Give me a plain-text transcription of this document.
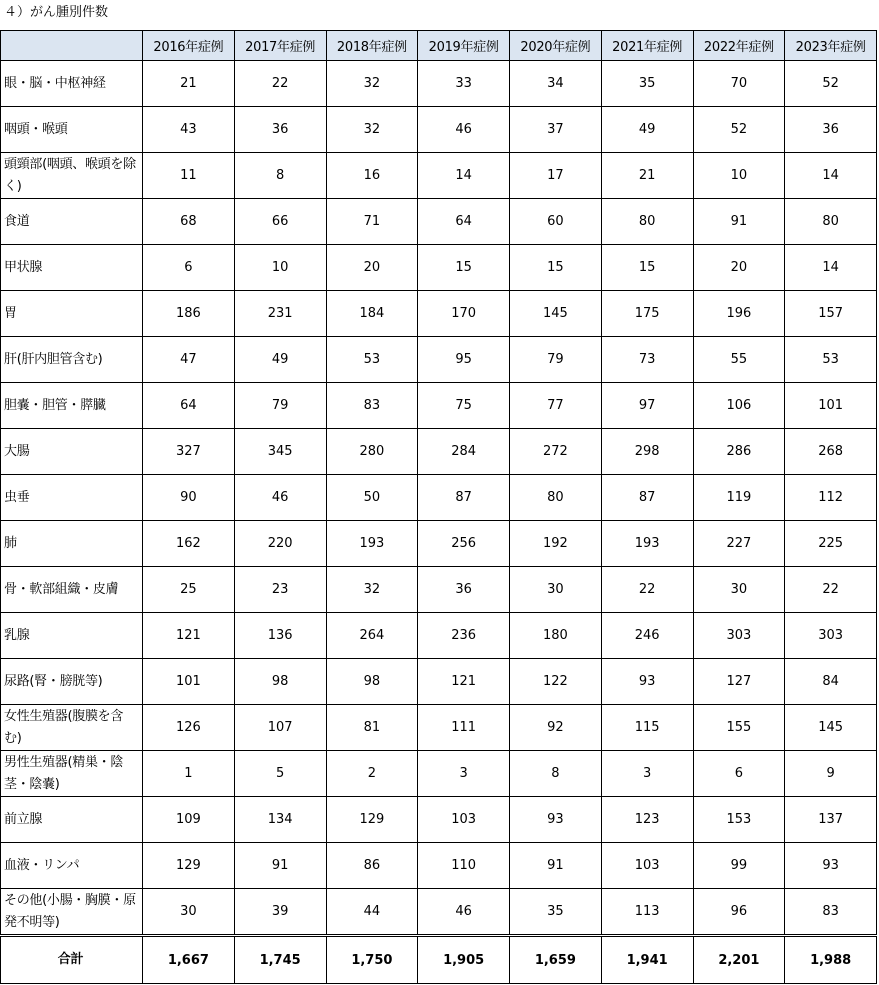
４）がん腫別件数
	2016年症例	2017年症例	2018年症例	2019年症例	2020年症例	2021年症例	2022年症例	2023年症例
眼・脳・中枢神経	21	22	32	33	34	35	70	52
咽頭・喉頭	43	36	32	46	37	49	52	36
頭頸部(咽頭、喉頭を除く)	11	8	16	14	17	21	10	14
食道	68	66	71	64	60	80	91	80
甲状腺	6	10	20	15	15	15	20	14
胃	186	231	184	170	145	175	196	157
肝(肝内胆管含む)	47	49	53	95	79	73	55	53
胆嚢・胆管・膵臓	64	79	83	75	77	97	106	101
大腸	327	345	280	284	272	298	286	268
虫垂	90	46	50	87	80	87	119	112
肺	162	220	193	256	192	193	227	225
骨・軟部組織・皮膚	25	23	32	36	30	22	30	22
乳腺	121	136	264	236	180	246	303	303
尿路(腎・膀胱等)	101	98	98	121	122	93	127	84
女性生殖器(腹膜を含む)	126	107	81	111	92	115	155	145
男性生殖器(精巣・陰茎・陰嚢)	1	5	2	3	8	3	6	9
前立腺	109	134	129	103	93	123	153	137
血液・リンパ	129	91	86	110	91	103	99	93
その他(小腸・胸膜・原発不明等)	30	39	44	46	35	113	96	83
合計	1,667	1,745	1,750	1,905	1,659	1,941	2,201	1,988
